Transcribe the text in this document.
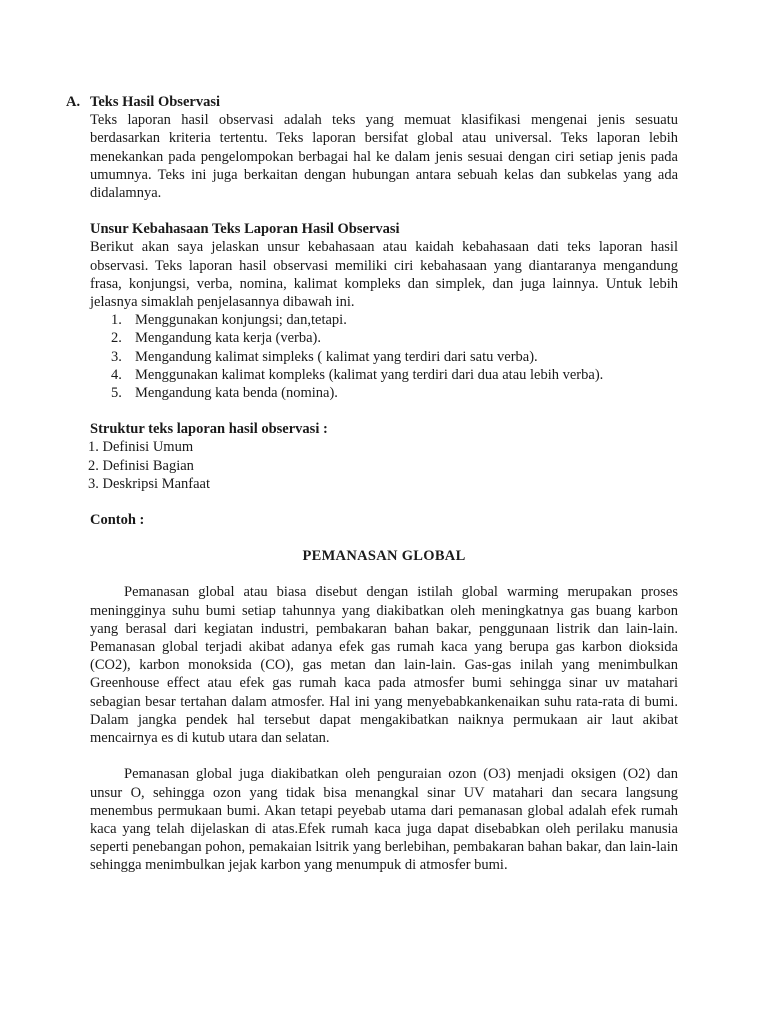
A. Teks Hasil Observasi

Teks laporan hasil observasi adalah teks yang memuat klasifikasi mengenai jenis sesuatu berdasarkan kriteria tertentu. Teks laporan bersifat global atau universal. Teks laporan lebih menekankan pada pengelompokan berbagai hal ke dalam jenis sesuai dengan ciri setiap jenis pada umumnya. Teks ini juga berkaitan dengan hubungan antara sebuah kelas dan subkelas yang ada didalamnya.

Unsur Kebahasaan Teks Laporan Hasil Observasi

Berikut akan saya jelaskan unsur kebahasaan atau kaidah kebahasaan dati teks laporan hasil observasi. Teks laporan hasil observasi memiliki ciri kebahasaan yang diantaranya mengandung frasa, konjungsi, verba, nomina, kalimat kompleks dan simplek, dan juga lainnya. Untuk lebih jelasnya simaklah penjelasannya dibawah ini.

1. Menggunakan konjungsi; dan,tetapi.
2. Mengandung kata kerja (verba).
3. Mengandung kalimat simpleks ( kalimat yang terdiri dari satu verba).
4. Menggunakan kalimat kompleks (kalimat yang terdiri dari dua atau lebih verba).
5. Mengandung kata benda (nomina).
Struktur teks laporan hasil observasi :
1. Definisi Umum
2. Definisi Bagian
3. Deskripsi Manfaat
Contoh :
PEMANASAN GLOBAL

Pemanasan global atau biasa disebut dengan istilah global warming merupakan proses meningginya suhu bumi setiap tahunnya yang diakibatkan oleh meningkatnya gas buang karbon yang berasal dari kegiatan industri, pembakaran bahan bakar, penggunaan listrik dan lain-lain. Pemanasan global terjadi akibat adanya efek gas rumah kaca yang berupa gas karbon dioksida (CO2), karbon monoksida (CO), gas metan dan lain-lain. Gas-gas inilah yang menimbulkan Greenhouse effect atau efek gas rumah kaca pada atmosfer bumi sehingga sinar uv matahari sebagian besar tertahan dalam atmosfer. Hal ini yang menyebabkankenaikan suhu rata-rata di bumi. Dalam jangka pendek hal tersebut dapat mengakibatkan naiknya permukaan air laut akibat mencairnya es di kutub utara dan selatan.

Pemanasan global juga diakibatkan oleh penguraian ozon (O3) menjadi oksigen (O2) dan unsur O, sehingga ozon yang tidak bisa menangkal sinar UV matahari dan secara langsung menembus permukaan bumi. Akan tetapi peyebab utama dari pemanasan global adalah efek rumah kaca yang telah dijelaskan di atas.Efek rumah kaca juga dapat disebabkan oleh perilaku manusia seperti penebangan pohon, pemakaian lsitrik yang berlebihan, pembakaran bahan bakar, dan lain-lain sehingga menimbulkan jejak karbon yang menumpuk di atmosfer bumi.
